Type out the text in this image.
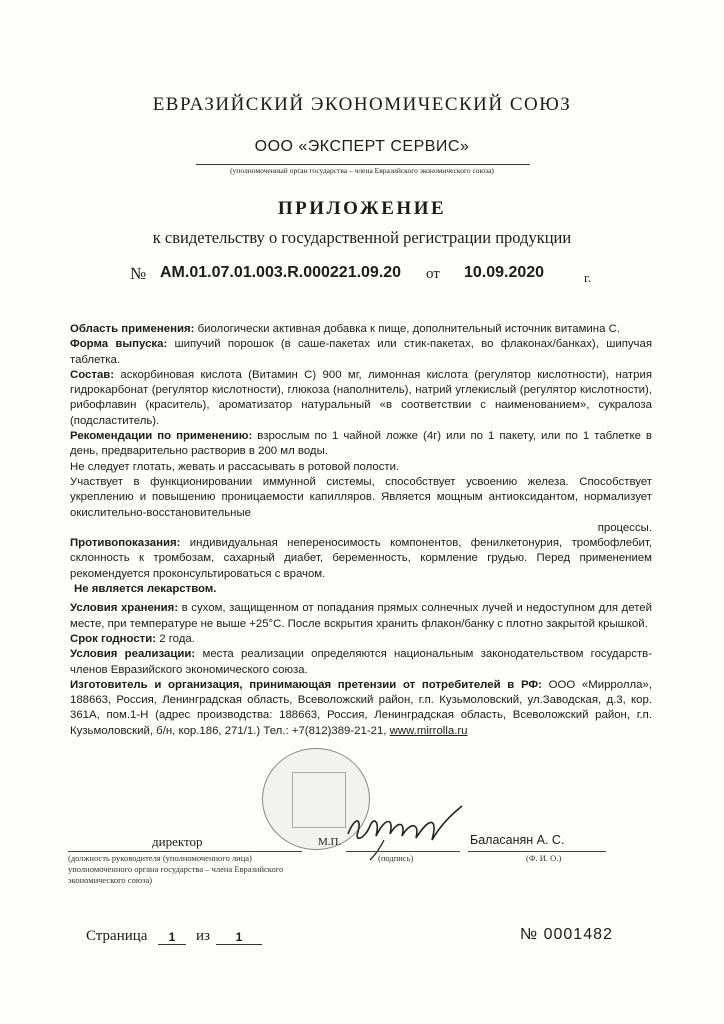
ЕВРАЗИЙСКИЙ ЭКОНОМИЧЕСКИЙ СОЮЗ
ООО «ЭКСПЕРТ СЕРВИС»
(уполномоченный орган государства – члена Евразийского экономического союза)
ПРИЛОЖЕНИЕ
к свидетельству о государственной регистрации продукции
№ AM.01.07.01.003.R.000221.09.20 от 10.09.2020	г.

Область применения: биологически активная добавка к пище, дополнительный источник витамина С.

Форма выпуска: шипучий порошок (в саше-пакетах или стик-пакетах, во флаконах/банках), шипучая таблетка.

Состав: аскорбиновая кислота (Витамин С) 900 мг, лимонная кислота (регулятор кислотности), натрия гидрокарбонат (регулятор кислотности), глюкоза (наполнитель), натрий углекислый (регулятор кислотности), рибофлавин (краситель), ароматизатор натуральный «в соответствии с наименованием», сукралоза (подсластитель).

Рекомендации по применению: взрослым по 1 чайной ложке (4г) или по 1 пакету, или по 1 таблетке в день, предварительно растворив в 200 мл воды.

Не следует глотать, жевать и рассасывать в ротовой полости.

Участвует в функционировании иммунной системы, способствует усвоению железа. Способствует укреплению и повышению проницаемости капилляров. Является мощным антиоксидантом, нормализует окислительно-восстановительные

процессы.

Противопоказания: индивидуальная непереносимость компонентов, фенилкетонурия, тромбофлебит, склонность к тромбозам, сахарный диабет, беременность, кормление грудью. Перед применением рекомендуется проконсультироваться с врачом.

Не является лекарством.

Условия хранения: в сухом, защищенном от попадания прямых солнечных лучей и недоступном для детей месте, при температуре не выше +25°С. После вскрытия хранить флакон/банку с плотно закрытой крышкой.

Срок годности: 2 года.

Условия реализации: места реализации определяются национальным законодательством государств-членов Евразийского экономического союза.

Изготовитель и организация, принимающая претензии от потребителей в РФ: ООО «Мирролла», 188663, Россия, Ленинградская область, Всеволожский район, г.п. Кузьмоловский, ул.Заводская, д.3, кор. 361А, пом.1-Н (адрес производства: 188663, Россия, Ленинградская область, Всеволожский район, г.п. Кузьмоловский, б/н, кор.186, 271/1.) Тел.: +7(812)389-21-21, www.mirrolla.ru

директор	М.П.	Баласанян А. С.
(должность руководителя (уполномоченного лица) уполномоченного органа государства – члена Евразийского экономического союза)
(подпись)	(Ф. И. О.)
Страница	1	из	1	№ 0001482
